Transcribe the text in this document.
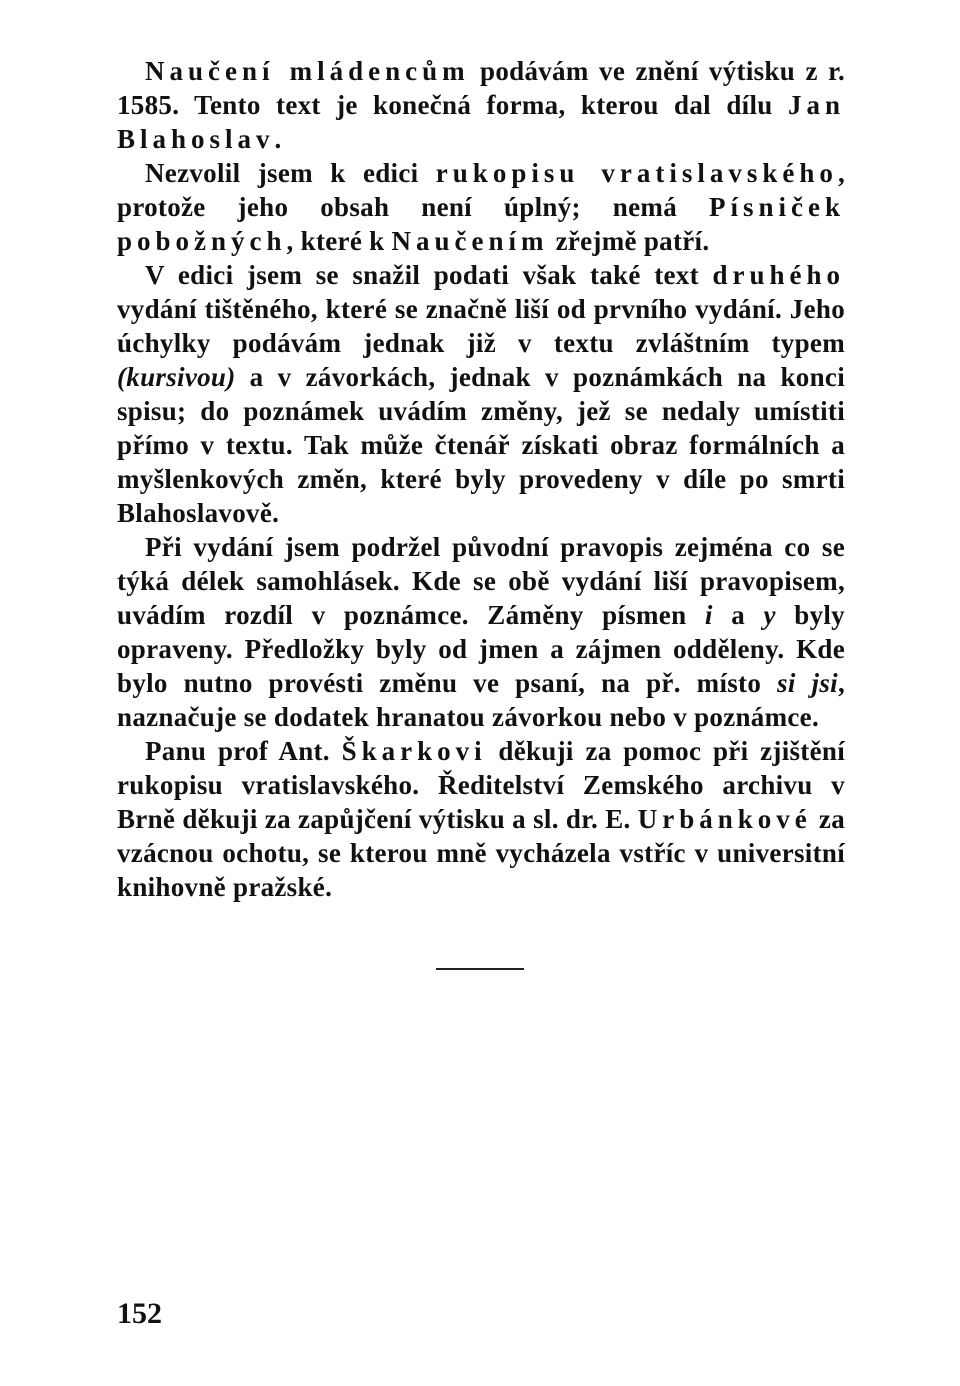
Naučení mládencům podávám ve znění výtisku z r. 1585. Tento text je konečná forma, kterou dal dílu Jan Blahoslav.

Nezvolil jsem k edici rukopisu vratislavského, protože jeho obsah není úplný; nemá Písniček pobožných, které k Naučením zřejmě patří.

V edici jsem se snažil podati však také text druhého vydání tištěného, které se značně liší od prvního vydání. Jeho úchylky podávám jednak již v textu zvláštním typem (kursivou) a v závorkách, jednak v poznámkách na konci spisu; do poznámek uvádím změny, jež se nedaly umístiti přímo v textu. Tak může čtenář získati obraz formálních a myšlenkových změn, které byly provedeny v díle po smrti Blahoslavově.

Při vydání jsem podržel původní pravopis zejména co se týká délek samohlásek. Kde se obě vydání liší pravopisem, uvádím rozdíl v poznámce. Záměny písmen i a y byly opraveny. Předložky byly od jmen a zájmen odděleny. Kde bylo nutno provésti změnu ve psaní, na př. místo si jsi, naznačuje se dodatek hranatou závorkou nebo v poznámce.

Panu prof Ant. Škarkovi děkuji za pomoc při zjištění rukopisu vratislavského. Ředitelství Zemského archivu v Brně děkuji za zapůjčení výtisku a sl. dr. E. Urbánkové za vzácnou ochotu, se kterou mně vycházela vstříc v universitní knihovně pražské.

152
